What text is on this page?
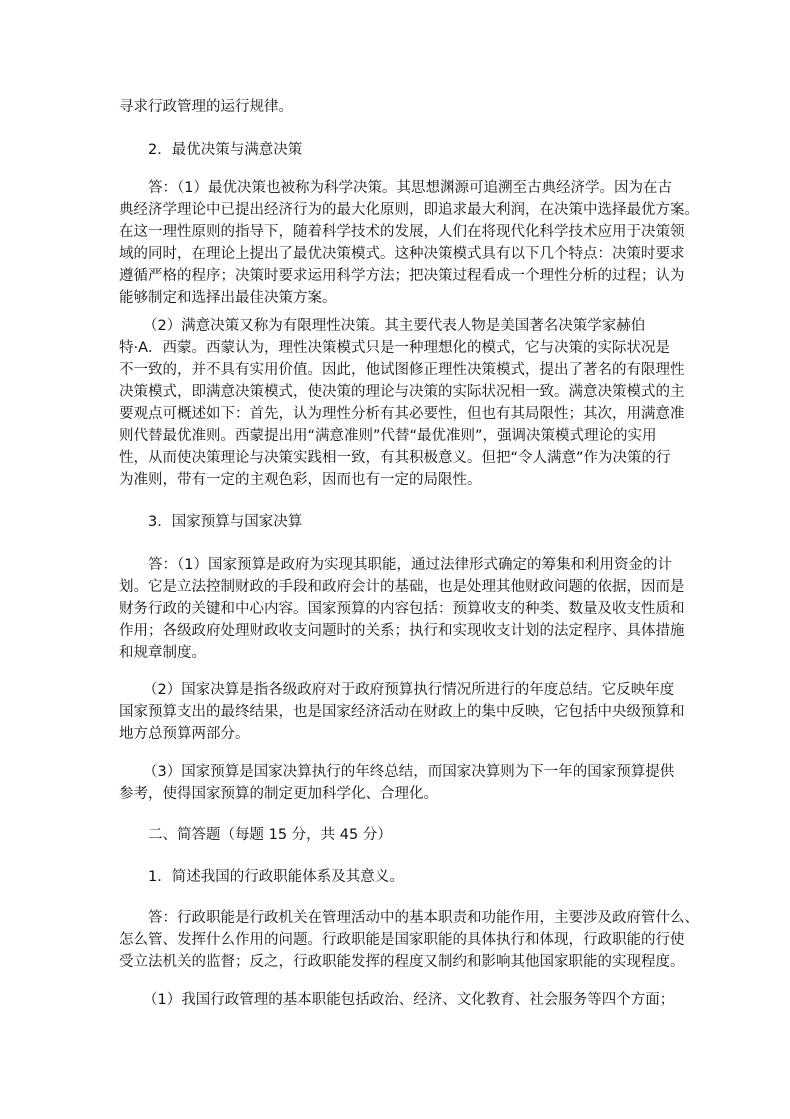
寻求行政管理的运行规律。
2．最优决策与满意决策
答：（1）最优决策也被称为科学决策。其思想渊源可追溯至古典经济学。因为在古
典经济学理论中已提出经济行为的最大化原则，即追求最大利润，在决策中选择最优方案。
在这一理性原则的指导下，随着科学技术的发展，人们在将现代化科学技术应用于决策领
域的同时，在理论上提出了最优决策模式。这种决策模式具有以下几个特点：决策时要求
遵循严格的程序；决策时要求运用科学方法；把决策过程看成一个理性分析的过程；认为
能够制定和选择出最佳决策方案。
（2）满意决策又称为有限理性决策。其主要代表人物是美国著名决策学家赫伯
特·A．西蒙。西蒙认为，理性决策模式只是一种理想化的模式，它与决策的实际状况是
不一致的，并不具有实用价值。因此，他试图修正理性决策模式，提出了著名的有限理性
决策模式，即满意决策模式，使决策的理论与决策的实际状况相一致。满意决策模式的主
要观点可概述如下：首先，认为理性分析有其必要性，但也有其局限性；其次，用满意准
则代替最优准则。西蒙提出用“满意准则”代替“最优准则”，强调决策模式理论的实用
性，从而使决策理论与决策实践相一致，有其积极意义。但把“令人满意”作为决策的行
为准则，带有一定的主观色彩，因而也有一定的局限性。
3．国家预算与国家决算
答：（1）国家预算是政府为实现其职能，通过法律形式确定的筹集和利用资金的计
划。它是立法控制财政的手段和政府会计的基础，也是处理其他财政问题的依据，因而是
财务行政的关键和中心内容。国家预算的内容包括：预算收支的种类、数量及收支性质和
作用；各级政府处理财政收支问题时的关系；执行和实现收支计划的法定程序、具体措施
和规章制度。
（2）国家决算是指各级政府对于政府预算执行情况所进行的年度总结。它反映年度
国家预算支出的最终结果，也是国家经济活动在财政上的集中反映，它包括中央级预算和
地方总预算两部分。
（3）国家预算是国家决算执行的年终总结，而国家决算则为下一年的国家预算提供
参考，使得国家预算的制定更加科学化、合理化。
二、简答题（每题 15 分，共 45 分）
1．简述我国的行政职能体系及其意义。
答：行政职能是行政机关在管理活动中的基本职责和功能作用，主要涉及政府管什么、
怎么管、发挥什么作用的问题。行政职能是国家职能的具体执行和体现，行政职能的行使
受立法机关的监督；反之，行政职能发挥的程度又制约和影响其他国家职能的实现程度。
（1）我国行政管理的基本职能包括政治、经济、文化教育、社会服务等四个方面；
